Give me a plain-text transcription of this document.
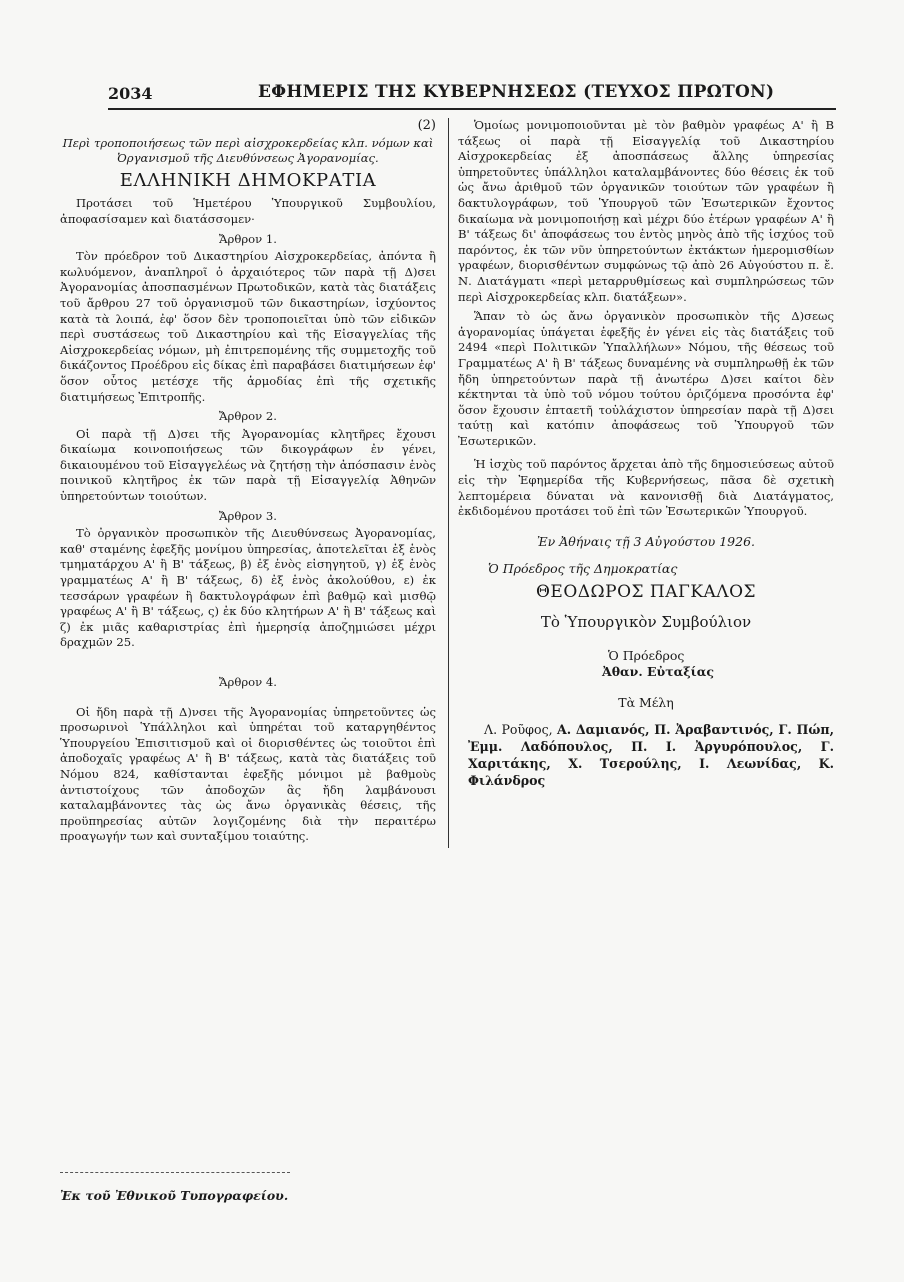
2034	ΕΦΗΜΕΡΙΣ ΤΗΣ ΚΥΒΕΡΝΗΣΕΩΣ (ΤΕΥΧΟΣ ΠΡΩΤΟΝ)
(2)
Περὶ τροποποιήσεως τῶν περὶ αἰσχροκερδείας κλπ. νόμων καὶ Ὀργανισμοῦ τῆς Διευθύνσεως Ἀγορανομίας.
ΕΛΛΗΝΙΚΗ ΔΗΜΟΚΡΑΤΙΑ

Προτάσει τοῦ Ἡμετέρου Ὑπουργικοῦ Συμβουλίου, ἀποφασίσαμεν καὶ διατάσσομεν·

Ἄρθρον 1.

Τὸν πρόεδρον τοῦ Δικαστηρίου Αἰσχροκερδείας, ἀπόντα ἢ κωλυόμενον, ἀναπληροῖ ὁ ἀρχαιότερος τῶν παρὰ τῇ Δ)σει Ἀγορανομίας ἀποσπασμένων Πρωτοδικῶν, κατὰ τὰς διατάξεις τοῦ ἄρθρου 27 τοῦ ὀργανισμοῦ τῶν δικαστηρίων, ἰσχύοντος κατὰ τὰ λοιπά, ἐφ' ὅσον δὲν τροποποιεῖται ὑπὸ τῶν εἰδικῶν περὶ συστάσεως τοῦ Δικαστηρίου καὶ τῆς Εἰσαγγελίας τῆς Αἰσχροκερδείας νόμων, μὴ ἐπιτρεπομένης τῆς συμμετοχῆς τοῦ δικάζοντος Προέδρου εἰς δίκας ἐπὶ παραβάσει διατιμήσεων ἐφ' ὅσον οὗτος μετέσχε τῆς ἁρμοδίας ἐπὶ τῆς σχετικῆς διατιμήσεως Ἐπιτροπῆς.

Ἄρθρον 2.

Οἱ παρὰ τῇ Δ)σει τῆς Ἀγορανομίας κλητῆρες ἔχουσι δικαίωμα κοινοποιήσεως τῶν δικογράφων ἐν γένει, δικαιουμένου τοῦ Εἰσαγγελέως νὰ ζητήσῃ τὴν ἀπόσπασιν ἑνὸς ποινικοῦ κλητῆρος ἐκ τῶν παρὰ τῇ Εἰσαγγελίᾳ Ἀθηνῶν ὑπηρετούντων τοιούτων.

Ἄρθρον 3.

Τὸ ὀργανικὸν προσωπικὸν τῆς Διευθύνσεως Ἀγορανομίας, καθ' σταμένης ἐφεξῆς μονίμου ὑπηρεσίας, ἀποτελεῖται ἐξ ἑνὸς τμηματάρχου Α' ἢ Β' τάξεως, β) ἐξ ἑνὸς εἰσηγητοῦ, γ) ἐξ ἑνὸς γραμματέως Α' ἢ Β' τάξεως, δ) ἐξ ἑνὸς ἀκολούθου, ε) ἐκ τεσσάρων γραφέων ἢ δακτυλογράφων ἐπὶ βαθμῷ καὶ μισθῷ γραφέως Α' ἢ Β' τάξεως, ς) ἐκ δύο κλητήρων Α' ἢ Β' τάξεως καὶ ζ) ἐκ μιᾶς καθαριστρίας ἐπὶ ἡμερησίᾳ ἀποζημιώσει μέχρι δραχμῶν 25.

Ἄρθρον 4.

Οἱ ἤδη παρὰ τῇ Δ)νσει τῆς Ἀγορανομίας ὑπηρετοῦντες ὡς προσωρινοὶ Ὑπάλληλοι καὶ ὑπηρέται τοῦ καταργηθέντος Ὑπουργείου Ἐπισιτισμοῦ καὶ οἱ διορισθέντες ὡς τοιοῦτοι ἐπὶ ἀποδοχαῖς γραφέως Α' ἢ Β' τάξεως, κατὰ τὰς διατάξεις τοῦ Νόμου 824, καθίστανται ἐφεξῆς μόνιμοι μὲ βαθμοὺς ἀντιστοίχους τῶν ἀποδοχῶν ἃς ἤδη λαμβάνουσι καταλαμβάνοντες τὰς ὡς ἄνω ὀργανικὰς θέσεις, τῆς προϋπηρεσίας αὐτῶν λογιζομένης διὰ τὴν περαιτέρω προαγωγήν των καὶ συνταξίμου τοιαύτης.

Ὁμοίως μονιμοποιοῦνται μὲ τὸν βαθμὸν γραφέως Α' ἢ Β τάξεως οἱ παρὰ τῇ Εἰσαγγελίᾳ τοῦ Δικαστηρίου Αἰσχροκερδείας ἐξ ἀποσπάσεως ἄλλης ὑπηρεσίας ὑπηρετοῦντες ὑπάλληλοι καταλαμβάνοντες δύο θέσεις ἐκ τοῦ ὡς ἄνω ἀριθμοῦ τῶν ὀργανικῶν τοιούτων τῶν γραφέων ἢ δακτυλογράφων, τοῦ Ὑπουργοῦ τῶν Ἐσωτερικῶν ἔχοντος δικαίωμα νὰ μονιμοποιήσῃ καὶ μέχρι δύο ἑτέρων γραφέων Α' ἢ Β' τάξεως δι' ἀποφάσεως του ἐντὸς μηνὸς ἀπὸ τῆς ἰσχύος τοῦ παρόντος, ἐκ τῶν νῦν ὑπηρετούντων ἐκτάκτων ἡμερομισθίων γραφέων, διορισθέντων συμφώνως τῷ ἀπὸ 26 Αὐγούστου π. ἔ. Ν. Διατάγματι «περὶ μεταρρυθμίσεως καὶ συμπληρώσεως τῶν περὶ Αἰσχροκερδείας κλπ. διατάξεων».

Ἅπαν τὸ ὡς ἄνω ὀργανικὸν προσωπικὸν τῆς Δ)σεως ἀγορανομίας ὑπάγεται ἐφεξῆς ἐν γένει εἰς τὰς διατάξεις τοῦ 2494 «περὶ Πολιτικῶν Ὑπαλλήλων» Νόμου, τῆς θέσεως τοῦ Γραμματέως Α' ἢ Β' τάξεως δυναμένης νὰ συμπληρωθῇ ἐκ τῶν ἤδη ὑπηρετούντων παρὰ τῇ ἀνωτέρω Δ)σει καίτοι δὲν κέκτηνται τὰ ὑπὸ τοῦ νόμου τούτου ὁριζόμενα προσόντα ἐφ' ὅσον ἔχουσιν ἑπταετῆ τοὐλάχιστον ὑπηρεσίαν παρὰ τῇ Δ)σει ταύτῃ καὶ κατόπιν ἀποφάσεως τοῦ Ὑπουργοῦ τῶν Ἐσωτερικῶν.

Ἡ ἰσχὺς τοῦ παρόντος ἄρχεται ἀπὸ τῆς δημοσιεύσεως αὐτοῦ εἰς τὴν Ἐφημερίδα τῆς Κυβερνήσεως, πᾶσα δὲ σχετικὴ λεπτομέρεια δύναται νὰ κανονισθῇ διὰ Διατάγματος, ἐκδιδομένου προτάσει τοῦ ἐπὶ τῶν Ἐσωτερικῶν Ὑπουργοῦ.

Ἐν Ἀθήναις τῇ 3 Αὐγούστου 1926.
Ὁ Πρόεδρος τῆς Δημοκρατίας
ΘΕΟΔΩΡΟΣ ΠΑΓΚΑΛΟΣ
Τὸ Ὑπουργικὸν Συμβούλιον
Ὁ Πρόεδρος
Ἀθαν. Εὐταξίας
Τὰ Μέλη

Λ. Ροῦφος, Α. Δαμιανός, Π. Ἀραβαντινός, Γ. Πώπ, Ἐμμ. Λαδόπουλος, Π. Ι. Ἀργυρόπουλος, Γ. Χαριτάκης, Χ. Τσερούλης, Ι. Λεωνίδας, Κ. Φιλάνδρος

Ἐκ τοῦ Ἐθνικοῦ Τυπογραφείου.
